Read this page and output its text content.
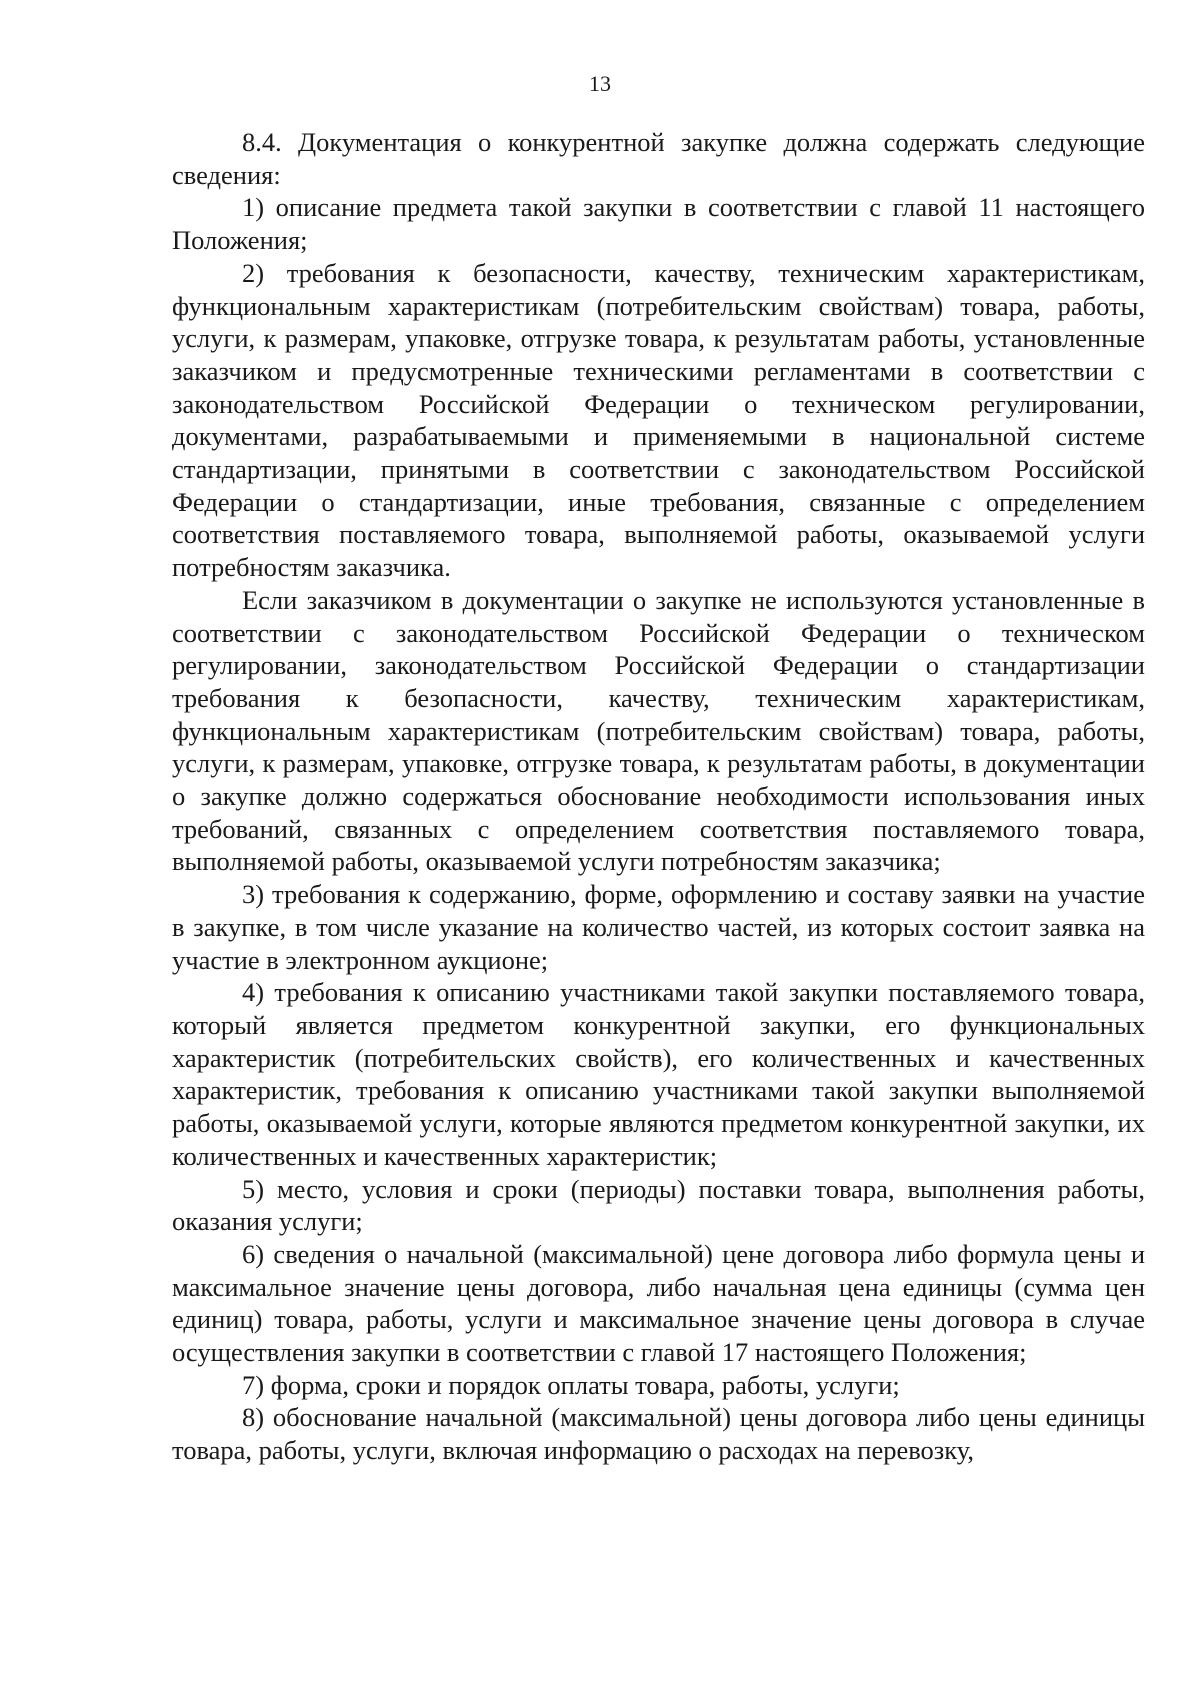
13

8.4. Документация о конкурентной закупке должна содержать следующие сведения:

1) описание предмета такой закупки в соответствии с главой 11 настоящего Положения;

2) требования к безопасности, качеству, техническим характеристикам, функциональным характеристикам (потребительским свойствам) товара, работы, услуги, к размерам, упаковке, отгрузке товара, к результатам работы, установленные заказчиком и предусмотренные техническими регламентами в соответствии с законодательством Российской Федерации о техническом регулировании, документами, разрабатываемыми и применяемыми в национальной системе стандартизации, принятыми в соответствии с законодательством Российской Федерации о стандартизации, иные требования, связанные с определением соответствия поставляемого товара, выполняемой работы, оказываемой услуги потребностям заказчика.

Если заказчиком в документации о закупке не используются установленные в соответствии с законодательством Российской Федерации о техническом регулировании, законодательством Российской Федерации о стандартизации требования к безопасности, качеству, техническим характеристикам, функциональным характеристикам (потребительским свойствам) товара, работы, услуги, к размерам, упаковке, отгрузке товара, к результатам работы, в документации о закупке должно содержаться обоснование необходимости использования иных требований, связанных с определением соответствия поставляемого товара, выполняемой работы, оказываемой услуги потребностям заказчика;

3) требования к содержанию, форме, оформлению и составу заявки на участие в закупке, в том числе указание на количество частей, из которых состоит заявка на участие в электронном аукционе;

4) требования к описанию участниками такой закупки поставляемого товара, который является предметом конкурентной закупки, его функциональных характеристик (потребительских свойств), его количественных и качественных характеристик, требования к описанию участниками такой закупки выполняемой работы, оказываемой услуги, которые являются предметом конкурентной закупки, их количественных и качественных характеристик;

5) место, условия и сроки (периоды) поставки товара, выполнения работы, оказания услуги;

6) сведения о начальной (максимальной) цене договора либо формула цены и максимальное значение цены договора, либо начальная цена единицы (сумма цен единиц) товара, работы, услуги и максимальное значение цены договора в случае осуществления закупки в соответствии с главой 17 настоящего Положения;

7) форма, сроки и порядок оплаты товара, работы, услуги;

8) обоснование начальной (максимальной) цены договора либо цены единицы товара, работы, услуги, включая информацию о расходах на перевозку,
